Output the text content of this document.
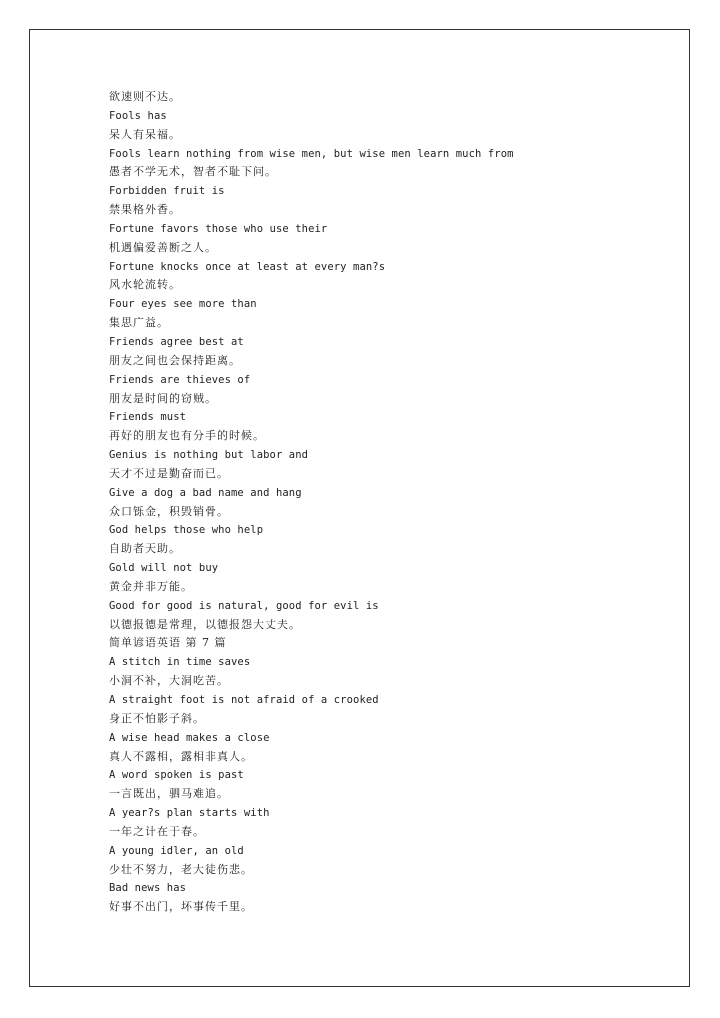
欲速则不达。
Fools has
呆人有呆福。
Fools learn nothing from wise men, but wise men learn much from
愚者不学无术，智者不耻下问。
Forbidden fruit is
禁果格外香。
Fortune favors those who use their
机遇偏爱善断之人。
Fortune knocks once at least at every man?s
风水轮流转。
Four eyes see more than
集思广益。
Friends agree best at
朋友之间也会保持距离。
Friends are thieves of
朋友是时间的窃贼。
Friends must
再好的朋友也有分手的时候。
Genius is nothing but labor and
天才不过是勤奋而已。
Give a dog a bad name and hang
众口铄金，积毁销骨。
God helps those who help
自助者天助。
Gold will not buy
黄金并非万能。
Good for good is natural, good for evil is
以德报德是常理，以德报怨大丈夫。
简单谚语英语 第 7 篇
A stitch in time saves
小洞不补，大洞吃苦。
A straight foot is not afraid of a crooked
身正不怕影子斜。
A wise head makes a close
真人不露相，露相非真人。
A word spoken is past
一言既出，驷马难追。
A year?s plan starts with
一年之计在于春。
A young idler, an old
少壮不努力，老大徒伤悲。
Bad news has
好事不出门，坏事传千里。
